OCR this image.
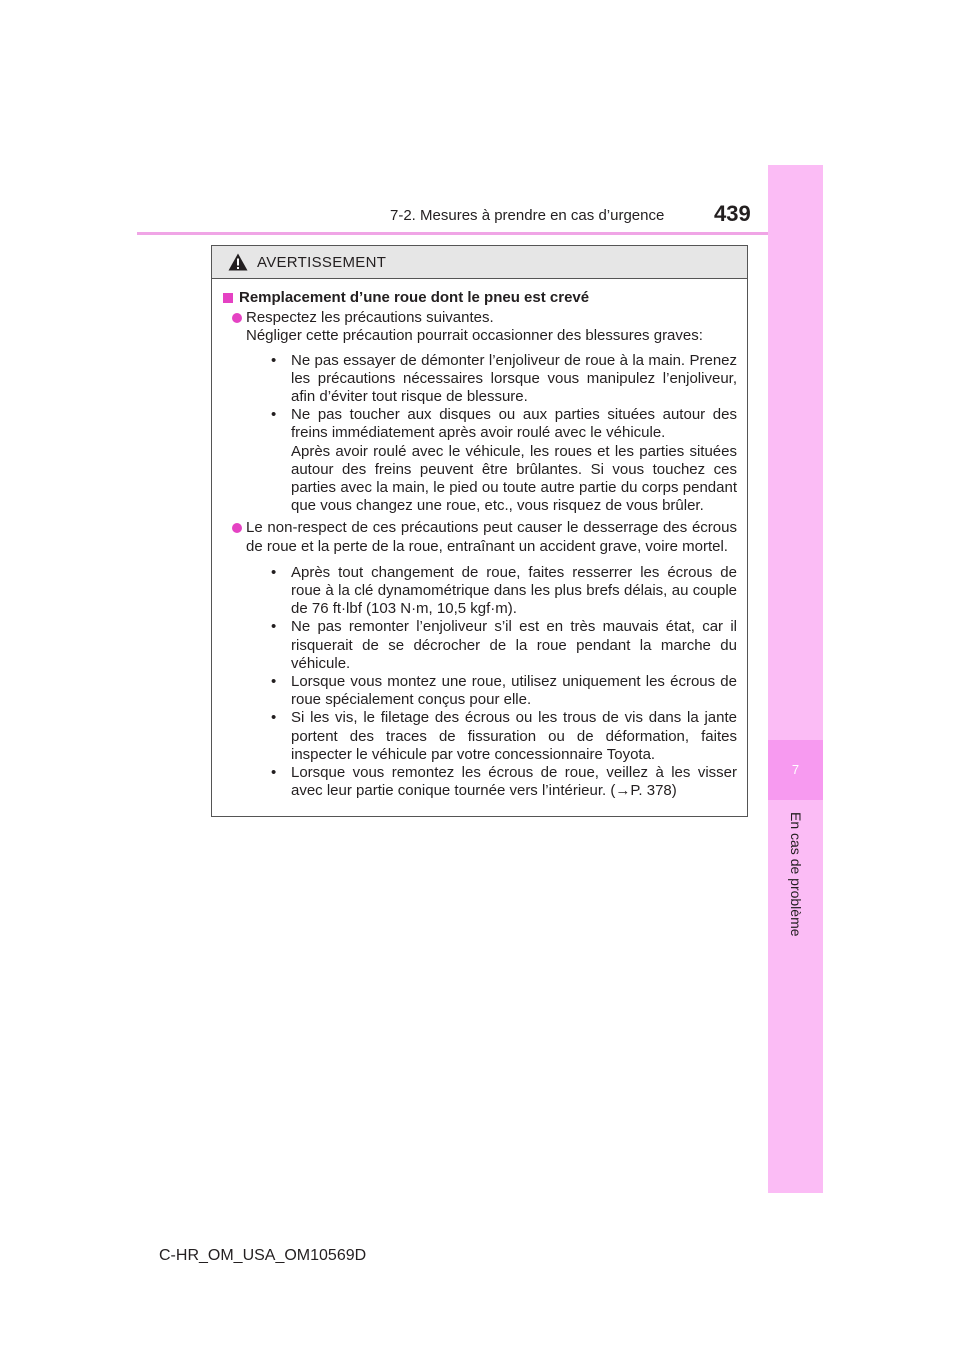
7-2. Mesures à prendre en cas d’urgence 439
7
En cas de problème
AVERTISSEMENT
Remplacement d’une roue dont le pneu est crevé

Respectez les précautions suivantes.

Négliger cette précaution pourrait occasionner des blessures graves:

• Ne pas essayer de démonter l’enjoliveur de roue à la main. Prenez les précautions nécessaires lorsque vous manipulez l’enjoliveur, afin d’éviter tout risque de blessure.
• Ne pas toucher aux disques ou aux parties situées autour des freins immédiatement après avoir roulé avec le véhicule.
Après avoir roulé avec le véhicule, les roues et les parties situées autour des freins peuvent être brûlantes. Si vous touchez ces parties avec la main, le pied ou toute autre partie du corps pendant que vous changez une roue, etc., vous risquez de vous brûler.

Le non-respect de ces précautions peut causer le desserrage des écrous de roue et la perte de la roue, entraînant un accident grave, voire mortel.

• Après tout changement de roue, faites resserrer les écrous de roue à la clé dynamométrique dans les plus brefs délais, au couple de 76 ft·lbf (103 N·m, 10,5 kgf·m).
• Ne pas remonter l’enjoliveur s’il est en très mauvais état, car il risquerait de se décrocher de la roue pendant la marche du véhicule.
• Lorsque vous montez une roue, utilisez uniquement les écrous de roue spécialement conçus pour elle.
• Si les vis, le filetage des écrous ou les trous de vis dans la jante portent des traces de fissuration ou de déformation, faites inspecter le véhicule par votre concessionnaire Toyota.
• Lorsque vous remontez les écrous de roue, veillez à les visser avec leur partie conique tournée vers l’intérieur. (→P. 378)
C-HR_OM_USA_OM10569D
